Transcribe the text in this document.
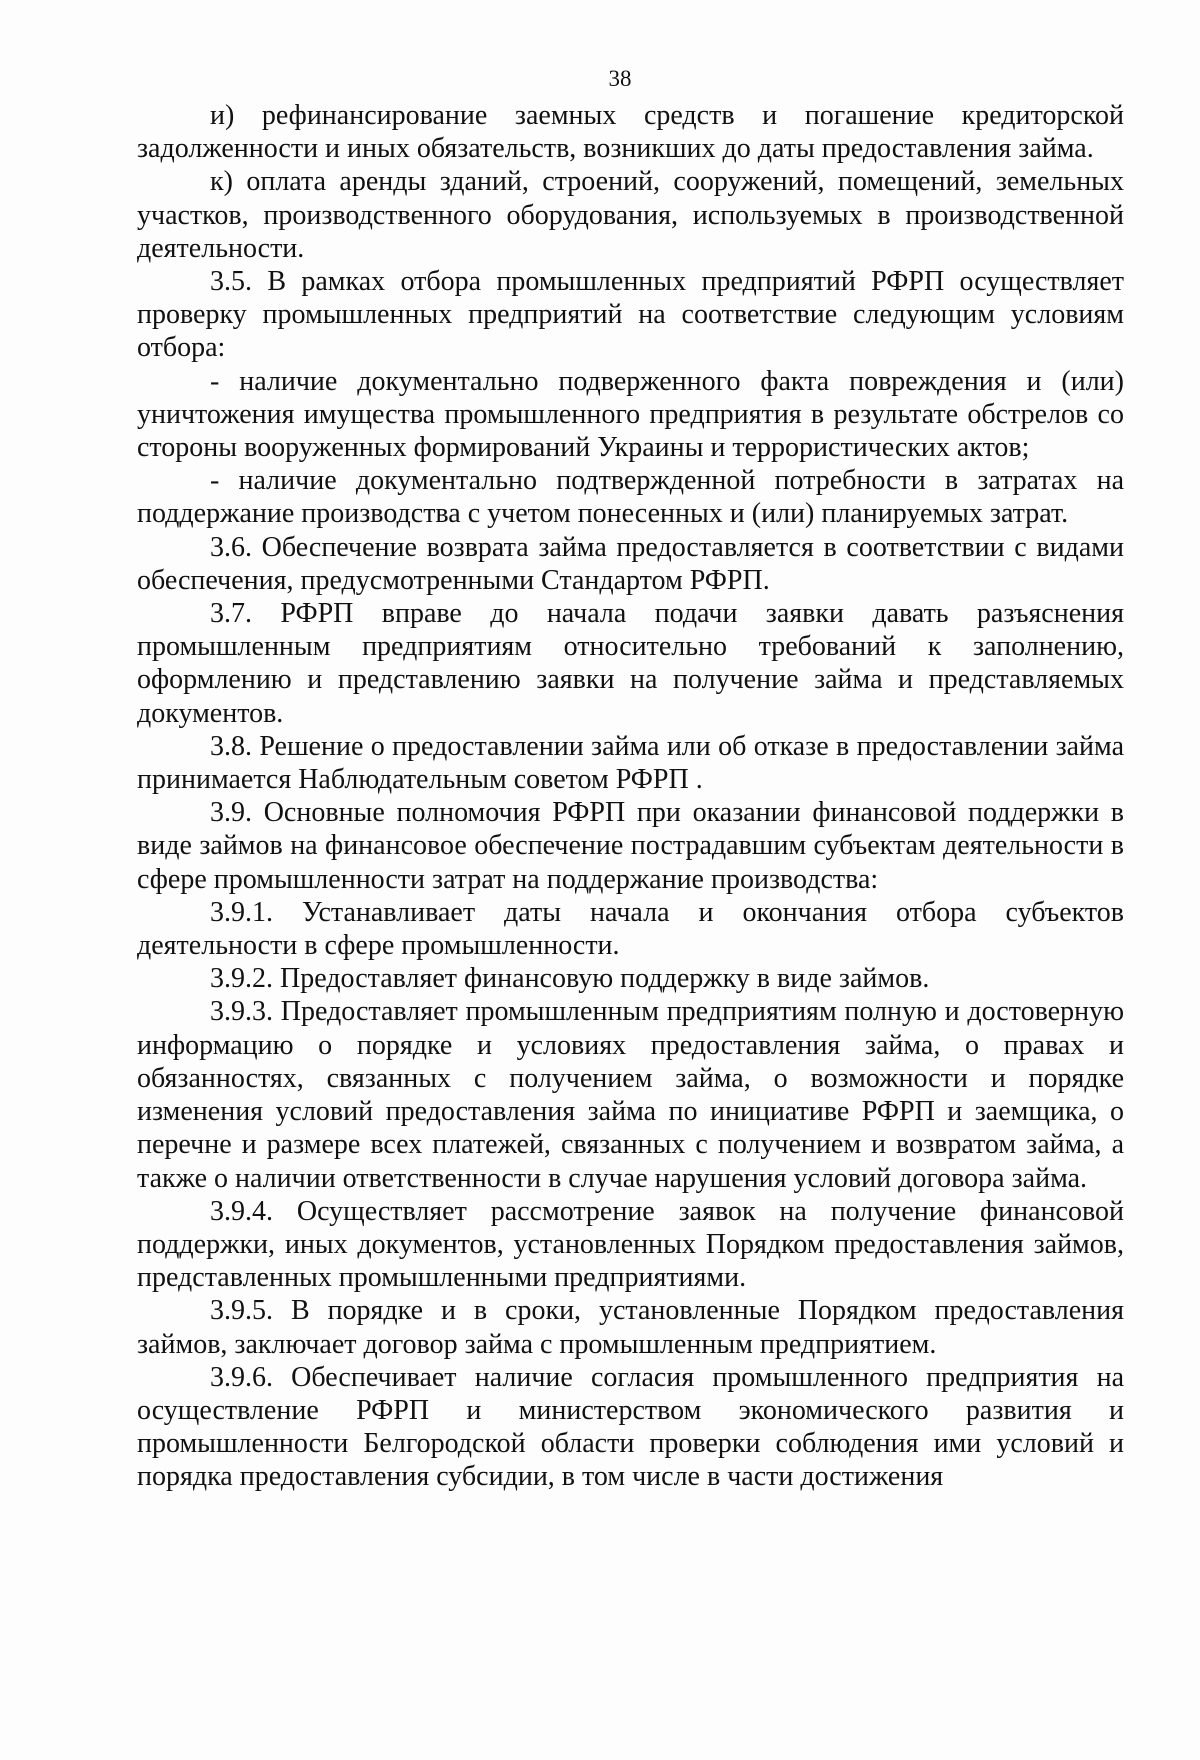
38

и) рефинансирование заемных средств и погашение кредиторской задолженности и иных обязательств, возникших до даты предоставления займа.

к) оплата аренды зданий, строений, сооружений, помещений, земельных участков, производственного оборудования, используемых в производственной деятельности.

3.5. В рамках отбора промышленных предприятий РФРП осуществляет проверку промышленных предприятий на соответствие следующим условиям отбора:

- наличие документально подверженного факта повреждения и (или) уничтожения имущества промышленного предприятия в результате обстрелов со стороны вооруженных формирований Украины и террористических актов;

- наличие документально подтвержденной потребности в затратах на поддержание производства с учетом понесенных и (или) планируемых затрат.

3.6. Обеспечение возврата займа предоставляется в соответствии с видами обеспечения, предусмотренными Стандартом РФРП.

3.7. РФРП вправе до начала подачи заявки давать разъяснения промышленным предприятиям относительно требований к заполнению, оформлению и представлению заявки на получение займа и представляемых документов.

3.8. Решение о предоставлении займа или об отказе в предоставлении займа принимается Наблюдательным советом РФРП .

3.9. Основные полномочия РФРП при оказании финансовой поддержки в виде займов на финансовое обеспечение пострадавшим субъектам деятельности в сфере промышленности затрат на поддержание производства:

3.9.1. Устанавливает даты начала и окончания отбора субъектов деятельности в сфере промышленности.

3.9.2. Предоставляет финансовую поддержку в виде займов.

3.9.3. Предоставляет промышленным предприятиям полную и достоверную информацию о порядке и условиях предоставления займа, о правах и обязанностях, связанных с получением займа, о возможности и порядке изменения условий предоставления займа по инициативе РФРП и заемщика, о перечне и размере всех платежей, связанных с получением и возвратом займа, а также о наличии ответственности в случае нарушения условий договора займа.

3.9.4. Осуществляет рассмотрение заявок на получение финансовой поддержки, иных документов, установленных Порядком предоставления займов, представленных промышленными предприятиями.

3.9.5. В порядке и в сроки, установленные Порядком предоставления займов, заключает договор займа с промышленным предприятием.

3.9.6. Обеспечивает наличие согласия промышленного предприятия на осуществление РФРП и министерством экономического развития и промышленности Белгородской области проверки соблюдения ими условий и порядка предоставления субсидии, в том числе в части достижения
